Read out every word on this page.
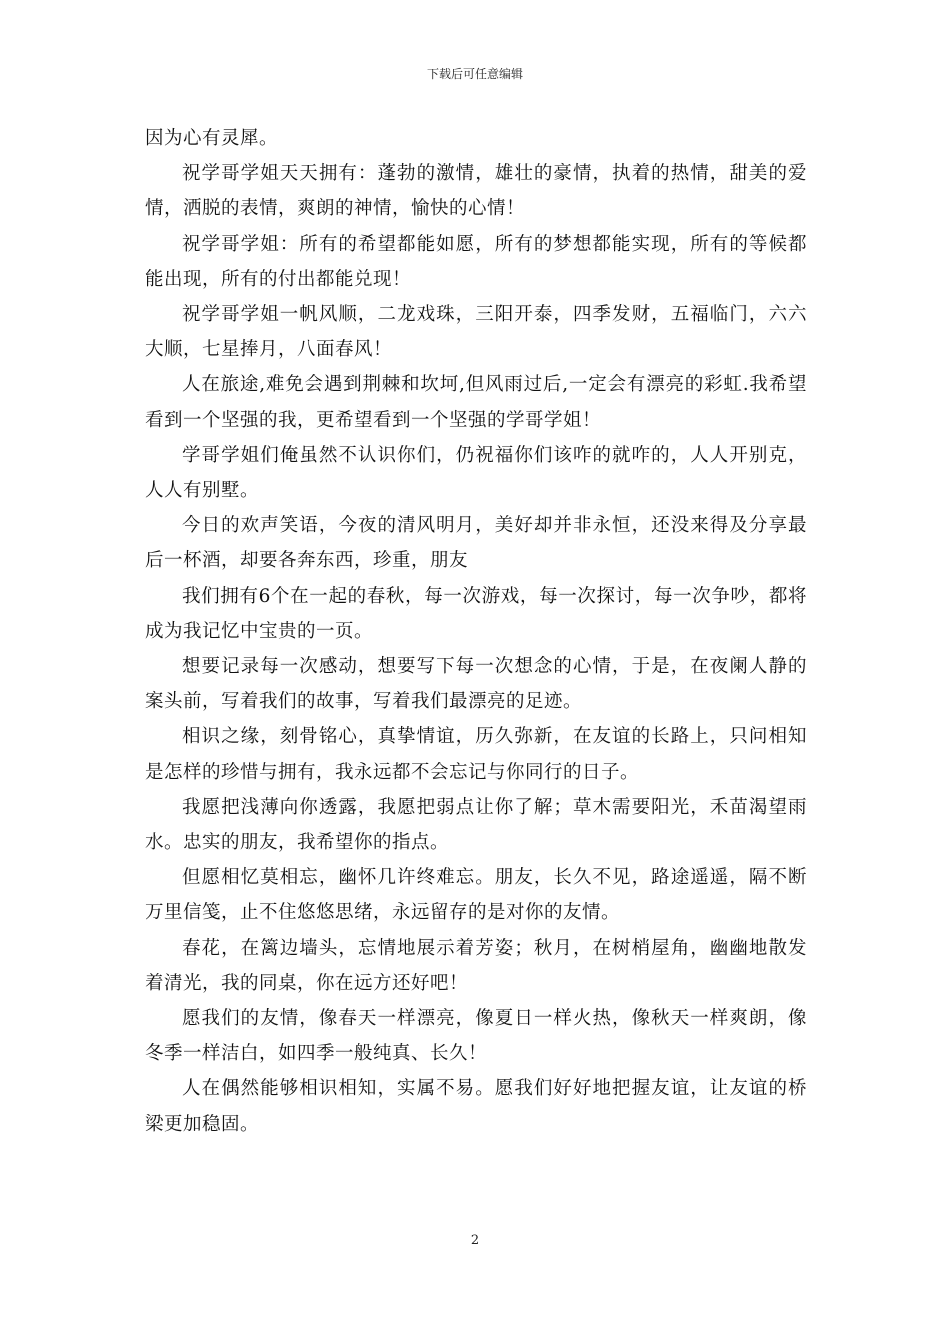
下载后可任意编辑

因为心有灵犀。

祝学哥学姐天天拥有：蓬勃的激情，雄壮的豪情，执着的热情，甜美的爱情，洒脱的表情，爽朗的神情，愉快的心情！

祝学哥学姐：所有的希望都能如愿，所有的梦想都能实现，所有的等候都能出现，所有的付出都能兑现！

祝学哥学姐一帆风顺，二龙戏珠，三阳开泰，四季发财，五福临门，六六大顺，七星捧月，八面春风！

人在旅途,难免会遇到荆棘和坎坷,但风雨过后,一定会有漂亮的彩虹.我希望看到一个坚强的我，更希望看到一个坚强的学哥学姐！

学哥学姐们俺虽然不认识你们，仍祝福你们该咋的就咋的，人人开别克，人人有别墅。

今日的欢声笑语，今夜的清风明月，美好却并非永恒，还没来得及分享最后一杯酒，却要各奔东西，珍重，朋友

我们拥有6个在一起的春秋，每一次游戏，每一次探讨，每一次争吵，都将成为我记忆中宝贵的一页。

想要记录每一次感动，想要写下每一次想念的心情，于是，在夜阑人静的案头前，写着我们的故事，写着我们最漂亮的足迹。

相识之缘，刻骨铭心，真挚情谊，历久弥新，在友谊的长路上，只问相知是怎样的珍惜与拥有，我永远都不会忘记与你同行的日子。

我愿把浅薄向你透露，我愿把弱点让你了解；草木需要阳光，禾苗渴望雨水。忠实的朋友，我希望你的指点。

但愿相忆莫相忘，幽怀几许终难忘。朋友，长久不见，路途遥遥，隔不断万里信笺，止不住悠悠思绪，永远留存的是对你的友情。

春花，在篱边墙头，忘情地展示着芳姿；秋月，在树梢屋角，幽幽地散发着清光，我的同桌，你在远方还好吧！

愿我们的友情，像春天一样漂亮，像夏日一样火热，像秋天一样爽朗，像冬季一样洁白，如四季一般纯真、长久！

人在偶然能够相识相知，实属不易。愿我们好好地把握友谊，让友谊的桥梁更加稳固。

2
